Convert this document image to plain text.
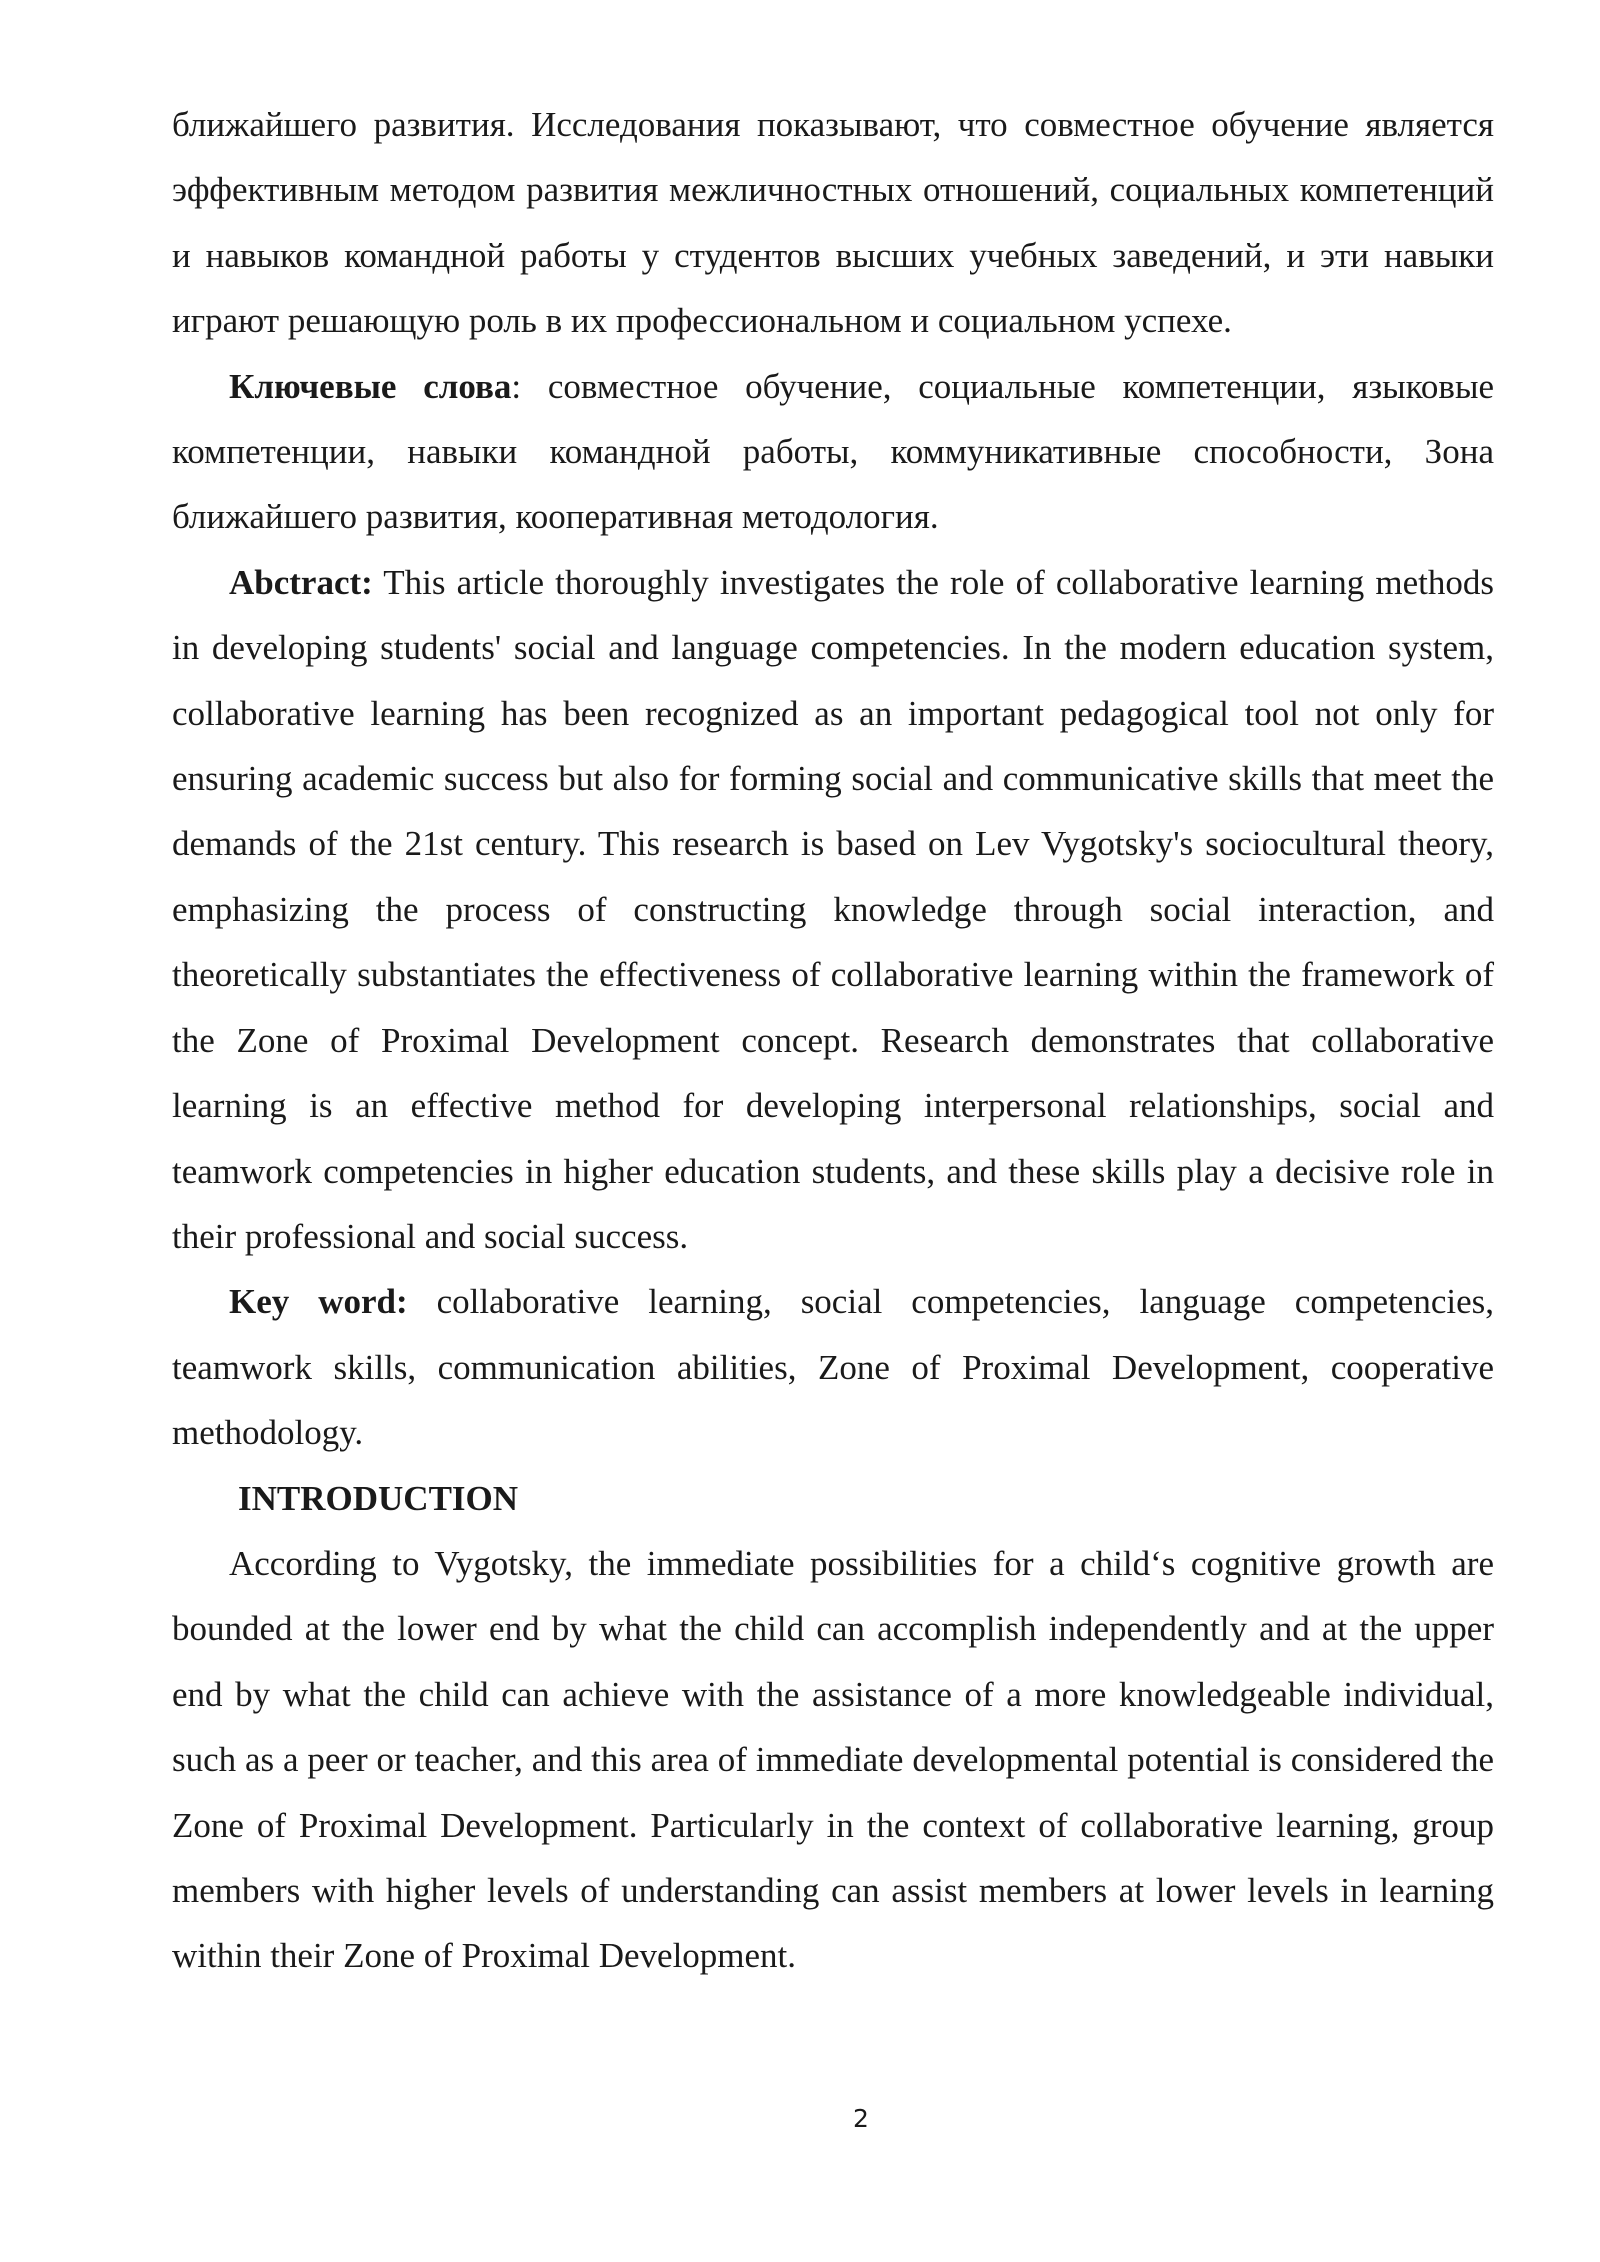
ближайшего развития. Исследования показывают, что совместное обучение является эффективным методом развития межличностных отношений, социальных компетенций и навыков командной работы у студентов высших учебных заведений, и эти навыки играют решающую роль в их профессиональном и социальном успехе.

Ключевые слова: совместное обучение, социальные компетенции, языковые компетенции, навыки командной работы, коммуникативные способности, Зона ближайшего развития, кооперативная методология.

Abctract: This article thoroughly investigates the role of collaborative learning methods in developing students' social and language competencies. In the modern education system, collaborative learning has been recognized as an important pedagogical tool not only for ensuring academic success but also for forming social and communicative skills that meet the demands of the 21st century. This research is based on Lev Vygotsky's sociocultural theory, emphasizing the process of constructing knowledge through social interaction, and theoretically substantiates the effectiveness of collaborative learning within the framework of the Zone of Proximal Development concept. Research demonstrates that collaborative learning is an effective method for developing interpersonal relationships, social and teamwork competencies in higher education students, and these skills play a decisive role in their professional and social success.

Key word: collaborative learning, social competencies, language competencies, teamwork skills, communication abilities, Zone of Proximal Development, cooperative methodology.

INTRODUCTION

According to Vygotsky, the immediate possibilities for a child‘s cognitive growth are bounded at the lower end by what the child can accomplish independently and at the upper end by what the child can achieve with the assistance of a more knowledgeable individual, such as a peer or teacher, and this area of immediate developmental potential is considered the Zone of Proximal Development. Particularly in the context of collaborative learning, group members with higher levels of understanding can assist members at lower levels in learning within their Zone of Proximal Development.

2
